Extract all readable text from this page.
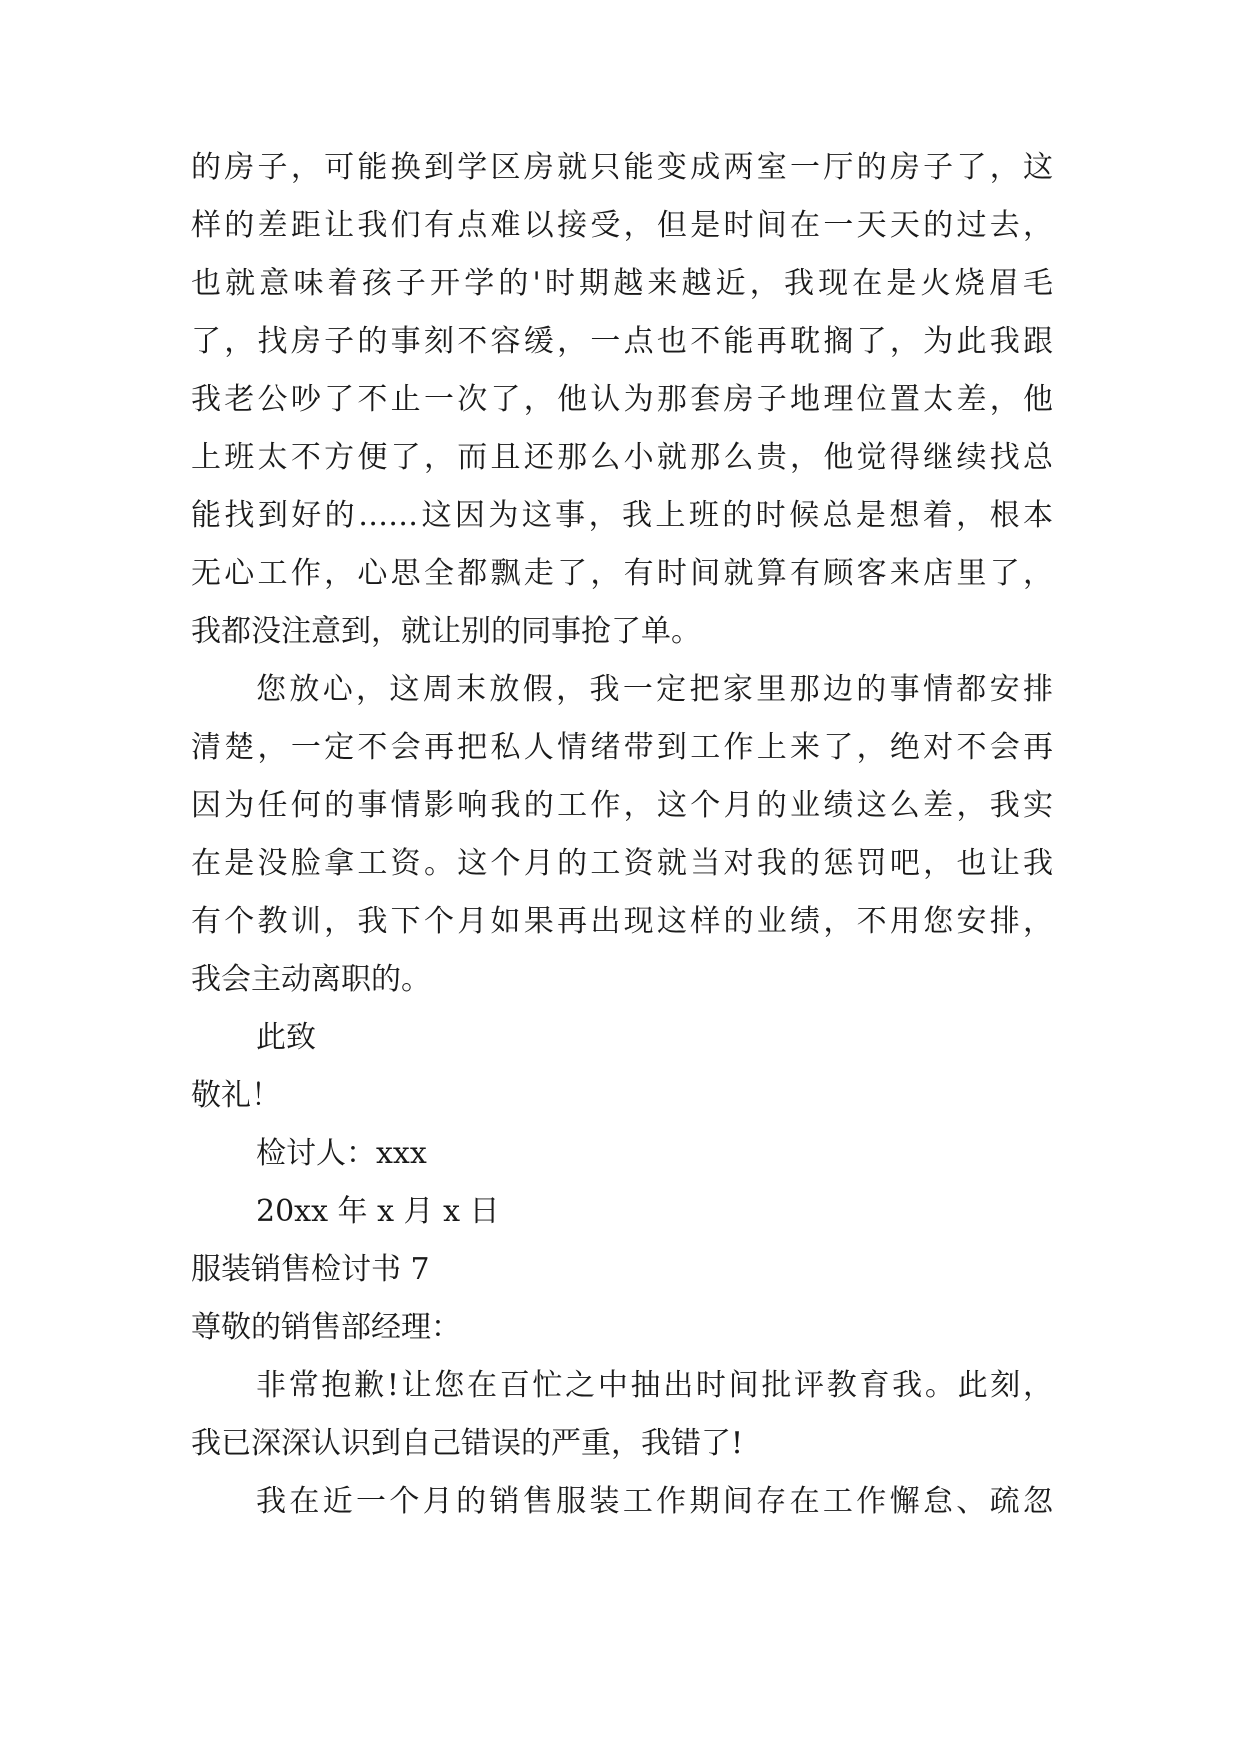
的房子，可能换到学区房就只能变成两室一厅的房子了，这

样的差距让我们有点难以接受，但是时间在一天天的过去，

也就意味着孩子开学的'时期越来越近，我现在是火烧眉毛

了，找房子的事刻不容缓，一点也不能再耽搁了，为此我跟

我老公吵了不止一次了，他认为那套房子地理位置太差，他

上班太不方便了，而且还那么小就那么贵，他觉得继续找总

能找到好的……这因为这事，我上班的时候总是想着，根本

无心工作，心思全都飘走了，有时间就算有顾客来店里了，

我都没注意到，就让别的同事抢了单。

您放心，这周末放假，我一定把家里那边的事情都安排

清楚，一定不会再把私人情绪带到工作上来了，绝对不会再

因为任何的事情影响我的工作，这个月的业绩这么差，我实

在是没脸拿工资。这个月的工资就当对我的惩罚吧，也让我

有个教训，我下个月如果再出现这样的业绩，不用您安排，

我会主动离职的。

此致

敬礼！

检讨人：xxx

20xx 年 x 月 x 日

服装销售检讨书 7

尊敬的销售部经理：

非常抱歉!让您在百忙之中抽出时间批评教育我。此刻，

我已深深认识到自己错误的严重，我错了!

我在近一个月的销售服装工作期间存在工作懈怠、疏忽
